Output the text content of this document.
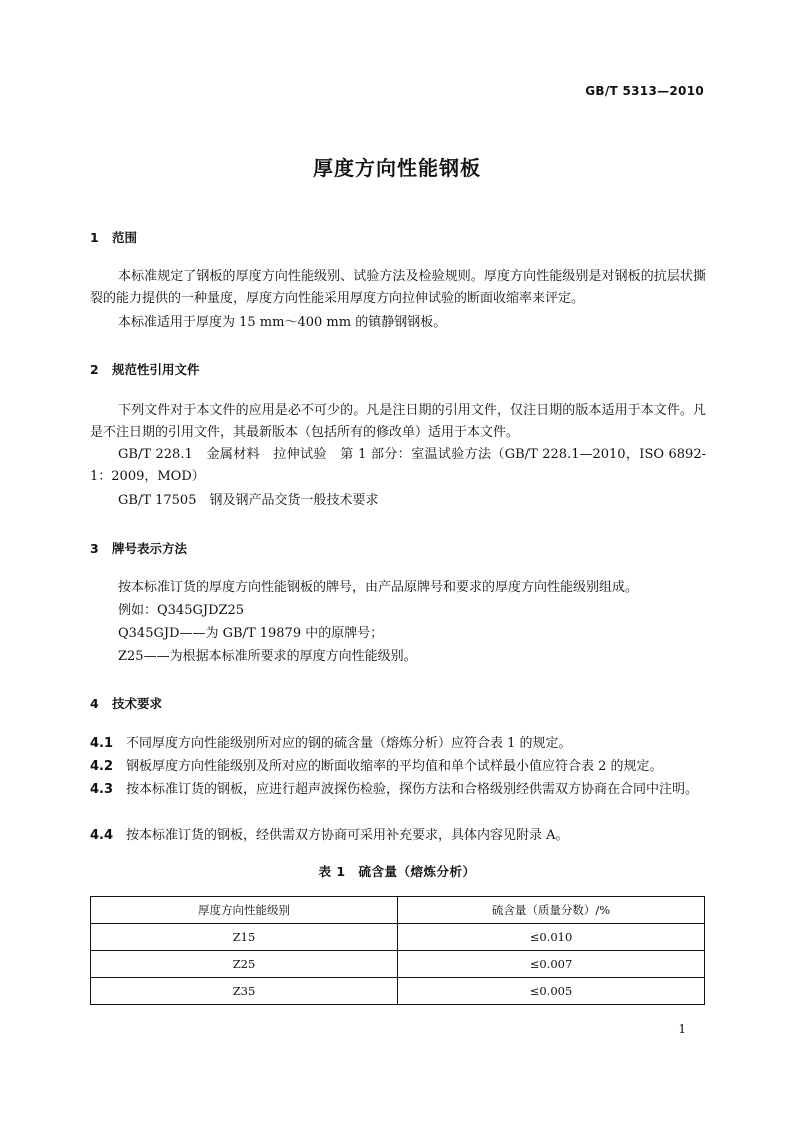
GB/T 5313—2010
厚度方向性能钢板
1 范围
本标准规定了钢板的厚度方向性能级别、试验方法及检验规则。厚度方向性能级别是对钢板的抗层状撕裂的能力提供的一种量度，厚度方向性能采用厚度方向拉伸试验的断面收缩率来评定。
本标准适用于厚度为 15 mm～400 mm 的镇静钢钢板。
2 规范性引用文件
下列文件对于本文件的应用是必不可少的。凡是注日期的引用文件，仅注日期的版本适用于本文件。凡是不注日期的引用文件，其最新版本（包括所有的修改单）适用于本文件。
GB/T 228.1　金属材料　拉伸试验　第 1 部分：室温试验方法（GB/T 228.1—2010，ISO 6892-1：2009，MOD）
GB/T 17505　钢及钢产品交货一般技术要求
3 牌号表示方法
按本标准订货的厚度方向性能钢板的牌号，由产品原牌号和要求的厚度方向性能级别组成。
例如：Q345GJDZ25
Q345GJD——为 GB/T 19879 中的原牌号；
Z25——为根据本标准所要求的厚度方向性能级别。
4 技术要求
4.1 不同厚度方向性能级别所对应的钢的硫含量（熔炼分析）应符合表 1 的规定。
4.2 钢板厚度方向性能级别及所对应的断面收缩率的平均值和单个试样最小值应符合表 2 的规定。
4.3 按本标准订货的钢板，应进行超声波探伤检验，探伤方法和合格级别经供需双方协商在合同中注明。
4.4 按本标准订货的钢板，经供需双方协商可采用补充要求，具体内容见附录 A。
表 1　硫含量（熔炼分析）
厚度方向性能级别	硫含量（质量分数）/%
Z15	≤0.010
Z25	≤0.007
Z35	≤0.005
1
